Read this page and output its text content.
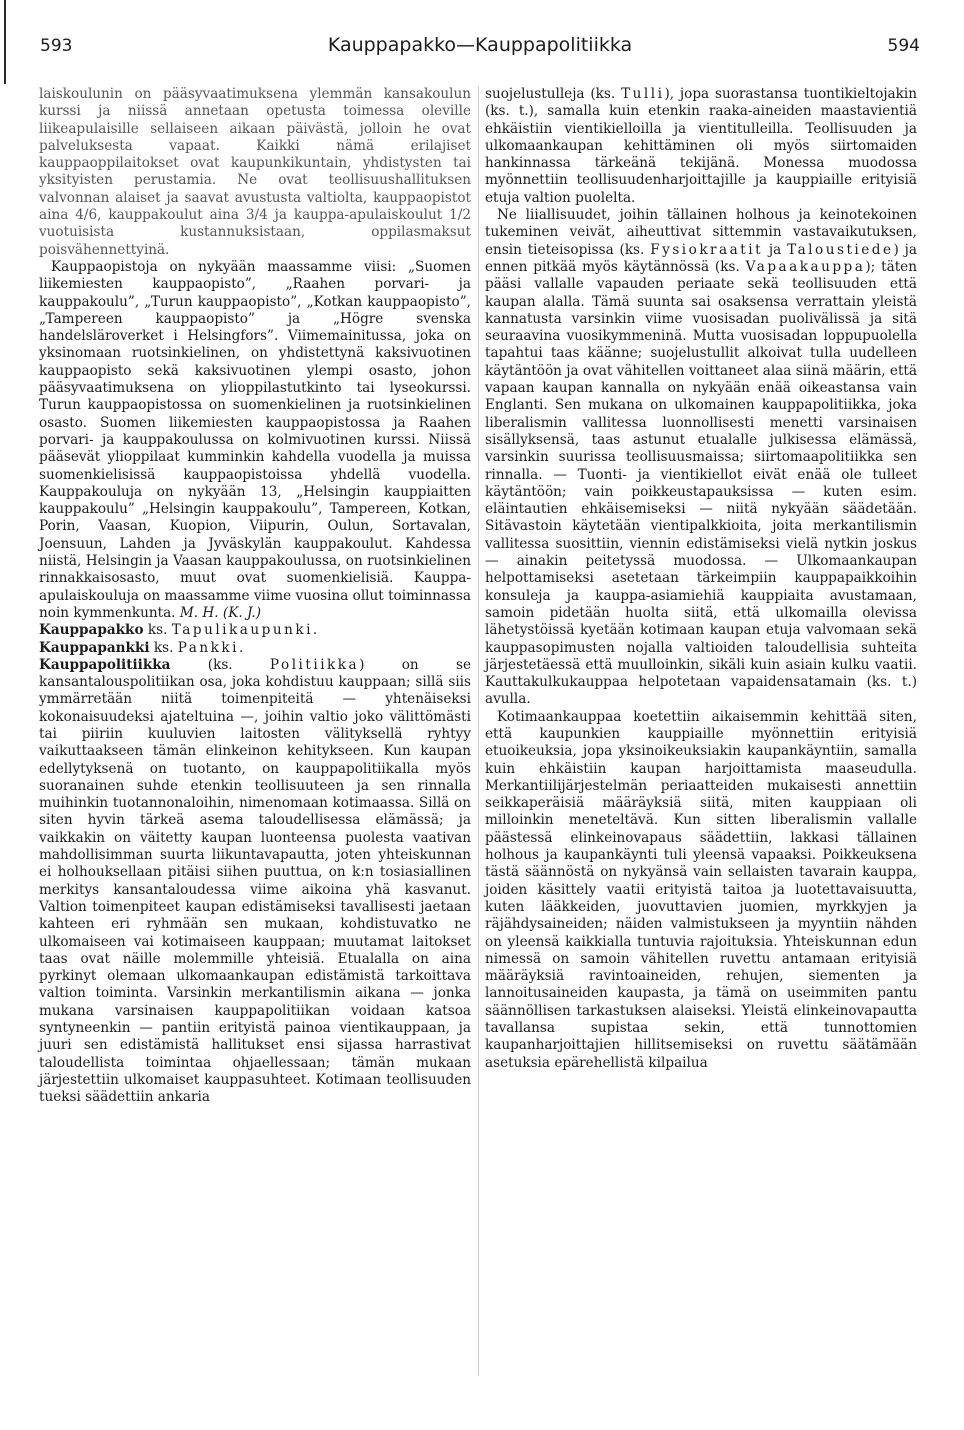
593	Kauppapakko—Kauppapolitiikka	594

laiskoulunin on pääsyvaatimuksena ylemmän kansakoulun kurssi ja niissä annetaan opetusta toimessa oleville liikeapulaisille sellaiseen aikaan päivästä, jolloin he ovat palveluksesta vapaat. Kaikki nämä erilajiset kauppaoppilaitokset ovat kaupunkikuntain, yhdistysten tai yksityisten perustamia. Ne ovat teollisuushallituksen valvonnan alaiset ja saavat avustusta valtiolta, kauppaopistot aina 4/6, kauppakoulut aina 3/4 ja kauppa-apulaiskoulut 1/2 vuotuisista kustannuksistaan, oppilasmaksut poisvähennettyinä.

Kauppaopistoja on nykyään maassamme viisi: „Suomen liikemiesten kauppaopisto”, „Raahen porvari- ja kauppakoulu”, „Turun kauppaopisto”, „Kotkan kauppaopisto”, „Tampereen kauppaopisto” ja „Högre svenska handelsläroverket i Helsingfors”. Viimemainitussa, joka on yksinomaan ruotsinkielinen, on yhdistettynä kaksivuotinen kauppaopisto sekä kaksivuotinen ylempi osasto, johon pääsyvaatimuksena on ylioppilastutkinto tai lyseokurssi. Turun kauppaopistossa on suomenkielinen ja ruotsinkielinen osasto. Suomen liikemiesten kauppaopistossa ja Raahen porvari- ja kauppakoulussa on kolmivuotinen kurssi. Niissä pääsevät ylioppilaat kumminkin kahdella vuodella ja muissa suomenkielisissä kauppaopistoissa yhdellä vuodella. Kauppakouluja on nykyään 13, „Helsingin kauppiaitten kauppakoulu” „Helsingin kauppakoulu”, Tampereen, Kotkan, Porin, Vaasan, Kuopion, Viipurin, Oulun, Sortavalan, Joensuun, Lahden ja Jyväskylän kauppakoulut. Kahdessa niistä, Helsingin ja Vaasan kauppakoulussa, on ruotsinkielinen rinnakkaisosasto, muut ovat suomenkielisiä. Kauppa-apulaiskouluja on maassamme viime vuosina ollut toiminnassa noin kymmenkunta. M. H. (K. J.)

Kauppapakko ks. Tapulikaupunki.

Kauppapankki ks. Pankki.

Kauppapolitiikka	(ks.	Politiikka) on se kansantalouspolitiikan osa, joka kohdistuu kauppaan; sillä siis ymmärretään niitä toimenpiteitä — yhtenäiseksi kokonaisuudeksi ajateltuina —, joihin valtio joko välittömästi tai piiriin kuuluvien laitosten välityksellä ryhtyy vaikuttaakseen tämän elinkeinon kehitykseen. Kun kaupan edellytyksenä on tuotanto, on kauppapolitiikalla myös suoranainen suhde etenkin teollisuuteen ja sen rinnalla muihinkin tuotannonaloihin, nimenomaan kotimaassa. Sillä on siten hyvin tärkeä asema taloudellisessa elämässä; ja vaikkakin on väitetty kaupan luonteensa puolesta vaativan mahdollisimman suurta liikuntavapautta, joten yhteiskunnan ei holhouksellaan pitäisi siihen puuttua, on k:n tosiasiallinen merkitys kansantaloudessa viime aikoina yhä kasvanut. Valtion toimenpiteet kaupan edistämiseksi tavallisesti jaetaan kahteen eri ryhmään sen mukaan, kohdistuvatko ne ulkomaiseen vai kotimaiseen kauppaan; muutamat laitokset taas ovat näille molemmille yhteisiä. Etualalla on aina pyrkinyt olemaan ulkomaankaupan edistämistä tarkoittava valtion toiminta. Varsinkin merkantilismin aikana — jonka mukana varsinaisen kauppapolitiikan voidaan katsoa syntyneenkin — pantiin erityistä painoa vientikauppaan, ja juuri sen edistämistä hallitukset ensi sijassa harrastivat taloudellista toimintaa ohjaellessaan; tämän mukaan järjestettiin ulkomaiset kauppasuhteet. Kotimaan teollisuuden tueksi säädettiin ankaria

suojelustulleja (ks. Tulli), jopa suorastansa tuontikieltojakin (ks. t.), samalla kuin etenkin raaka-aineiden maastavientiä ehkäistiin vientikielloilla ja vientitulleilla. Teollisuuden ja ulkomaankaupan kehittäminen oli myös siirtomaiden hankinnassa tärkeänä tekijänä. Monessa muodossa myönnettiin teollisuudenharjoittajille ja kauppiaille erityisiä etuja valtion puolelta.

Ne liiallisuudet, joihin tällainen holhous ja keinotekoinen tukeminen veivät, aiheuttivat sittemmin vastavaikutuksen, ensin tieteisopissa (ks. Fysiokraatit ja Taloustiede) ja ennen pitkää myös käytännössä (ks. Vapaakauppa); täten pääsi vallalle vapauden periaate sekä teollisuuden että kaupan alalla. Tämä suunta sai osaksensa verrattain yleistä kannatusta varsinkin viime vuosisadan puolivälissä ja sitä seuraavina vuosikymmeninä. Mutta vuosisadan loppupuolella tapahtui taas käänne; suojelustullit alkoivat tulla uudelleen käytäntöön ja ovat vähitellen voittaneet alaa siinä määrin, että vapaan kaupan kannalla on nykyään enää oikeastansa vain Englanti. Sen mukana on ulkomainen kauppapolitiikka, joka liberalismin vallitessa luonnollisesti menetti varsinaisen sisällyksensä, taas astunut etualalle julkisessa elämässä, varsinkin suurissa teollisuusmaissa; siirtomaapolitiikka sen rinnalla. — Tuonti- ja vientikiellot eivät enää ole tulleet käytäntöön; vain poikkeustapauksissa — kuten esim. eläintautien ehkäisemiseksi — niitä nykyään säädetään. Sitävastoin käytetään vientipalkkioita, joita merkantilismin vallitessa suosittiin, viennin edistämiseksi vielä nytkin joskus — ainakin peitetyssä muodossa. — Ulkomaankaupan helpottamiseksi asetetaan tärkeimpiin kauppapaikkoihin konsuleja ja kauppa-asiamiehiä kauppiaita avustamaan, samoin pidetään huolta siitä, että ulkomailla olevissa lähetystöissä kyetään kotimaan kaupan etuja valvomaan sekä kauppasopimusten nojalla valtioiden taloudellisia suhteita järjestetäessä että muulloinkin, sikäli kuin asiain kulku vaatii. Kauttakulkukauppaa helpotetaan vapaidensatamain (ks. t.) avulla.

Kotimaankauppaa koetettiin aikaisemmin kehittää siten, että kaupunkien kauppiaille myönnettiin erityisiä etuoikeuksia, jopa yksinoikeuksiakin kaupankäyntiin, samalla kuin ehkäistiin kaupan harjoittamista maaseudulla. Merkantiilijärjestelmän periaatteiden mukaisesti annettiin seikkaperäisiä määräyksiä siitä, miten kauppiaan oli milloinkin meneteltävä. Kun sitten liberalismin vallalle päästessä elinkeinovapaus säädettiin, lakkasi tällainen holhous ja kaupankäynti tuli yleensä vapaaksi. Poikkeuksena tästä säännöstä on nykyänsä vain sellaisten tavarain kauppa, joiden käsittely vaatii erityistä taitoa ja luotettavaisuutta, kuten lääkkeiden, juovuttavien juomien, myrkkyjen ja räjähdysaineiden; näiden valmistukseen ja myyntiin nähden on yleensä kaikkialla tuntuvia rajoituksia. Yhteiskunnan edun nimessä on samoin vähitellen ruvettu antamaan erityisiä määräyksiä ravintoaineiden, rehujen, siementen ja lannoitusaineiden kaupasta, ja tämä on useimmiten pantu säännöllisen tarkastuksen alaiseksi. Yleistä elinkeinovapautta tavallansa supistaa sekin, että tunnottomien kaupanharjoittajien hillitsemiseksi on ruvettu säätämään asetuksia epärehellistä kilpailua
